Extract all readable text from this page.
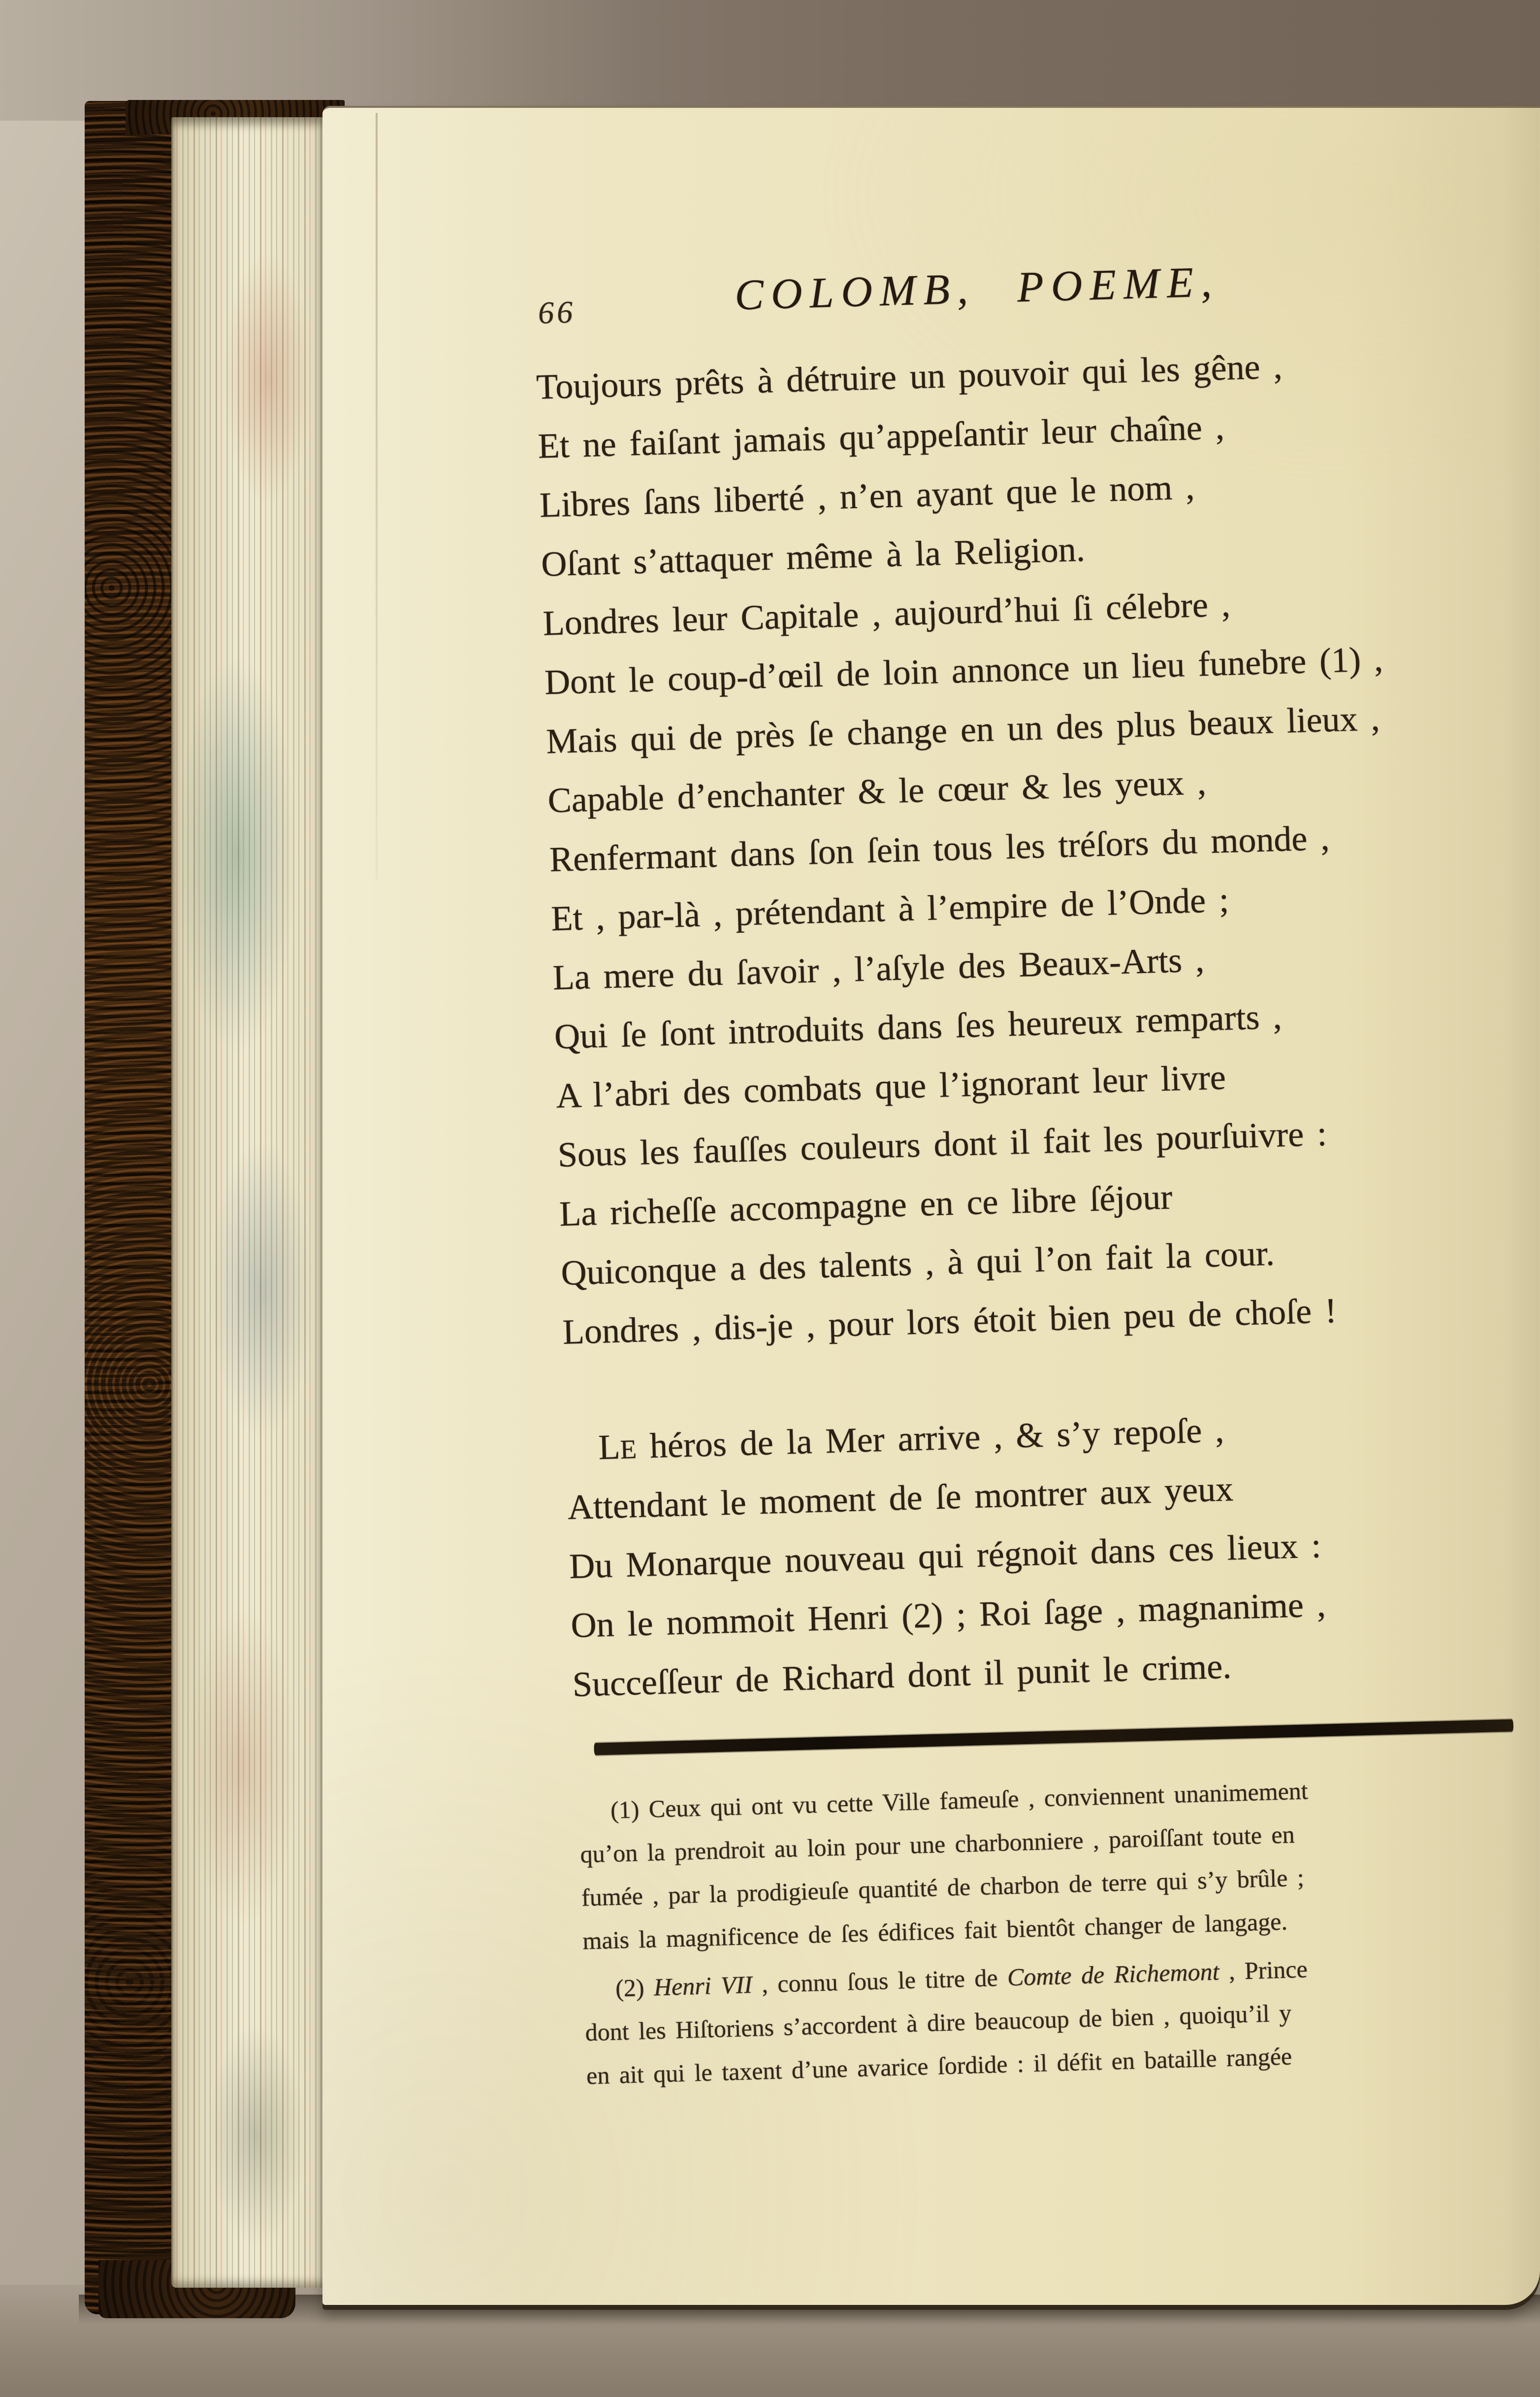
66	COLOMB, POEME,
Toujours prêts à détruire un pouvoir qui les gêne ,
Et ne faiſant jamais qu’appeſantir leur chaîne ,
Libres ſans liberté , n’en ayant que le nom ,
Oſant s’attaquer même à la Religion.
Londres leur Capitale , aujourd’hui ſi célebre ,
Dont le coup-d’œil de loin annonce un lieu funebre (1) ,
Mais qui de près ſe change en un des plus beaux lieux ,
Capable d’enchanter & le cœur & les yeux ,
Renfermant dans ſon ſein tous les tréſors du monde ,
Et , par-là , prétendant à l’empire de l’Onde ;
La mere du ſavoir , l’aſyle des Beaux-Arts ,
Qui ſe ſont introduits dans ſes heureux remparts ,
A l’abri des combats que l’ignorant leur livre
Sous les fauſſes couleurs dont il fait les pourſuivre :
La richeſſe accompagne en ce libre ſéjour
Quiconque a des talents , à qui l’on fait la cour.
Londres , dis-je , pour lors étoit bien peu de choſe !
LE héros de la Mer arrive , & s’y repoſe ,
Attendant le moment de ſe montrer aux yeux
Du Monarque nouveau qui régnoit dans ces lieux :
On le nommoit Henri (2) ; Roi ſage , magnanime ,
Succeſſeur de Richard dont il punit le crime.
(1) Ceux qui ont vu cette Ville fameuſe , conviennent unanimement
qu’on la prendroit au loin pour une charbonniere , paroiſſant toute en
fumée , par la prodigieuſe quantité de charbon de terre qui s’y brûle ;
mais la magnificence de ſes édifices fait bientôt changer de langage.
(2) Henri VII , connu ſous le titre de Comte de Richemont , Prince
dont les Hiſtoriens s’accordent à dire beaucoup de bien , quoiqu’il y
en ait qui le taxent d’une avarice ſordide : il défit en bataille rangée
